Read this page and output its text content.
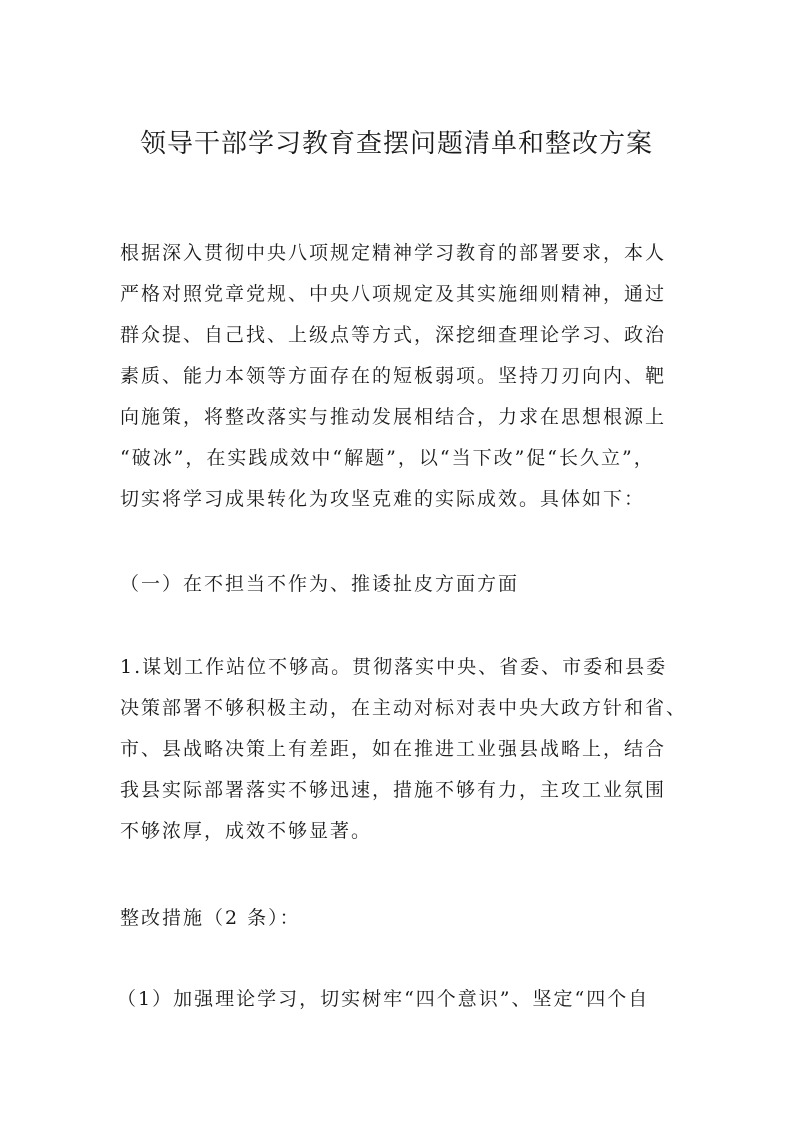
领导干部学习教育查摆问题清单和整改方案
根据深入贯彻中央八项规定精神学习教育的部署要求，本人
严格对照党章党规、中央八项规定及其实施细则精神，通过
群众提、自己找、上级点等方式，深挖细查理论学习、政治
素质、能力本领等方面存在的短板弱项。坚持刀刃向内、靶
向施策，将整改落实与推动发展相结合，力求在思想根源上
“破冰”，在实践成效中“解题”，以“当下改”促“长久立”，
切实将学习成果转化为攻坚克难的实际成效。具体如下：
（一）在不担当不作为、推诿扯皮方面方面
1.谋划工作站位不够高。贯彻落实中央、省委、市委和县委
决策部署不够积极主动，在主动对标对表中央大政方针和省、
市、县战略决策上有差距，如在推进工业强县战略上，结合
我县实际部署落实不够迅速，措施不够有力，主攻工业氛围
不够浓厚，成效不够显著。
整改措施（2 条）：
（1）加强理论学习，切实树牢“四个意识”、坚定“四个自
